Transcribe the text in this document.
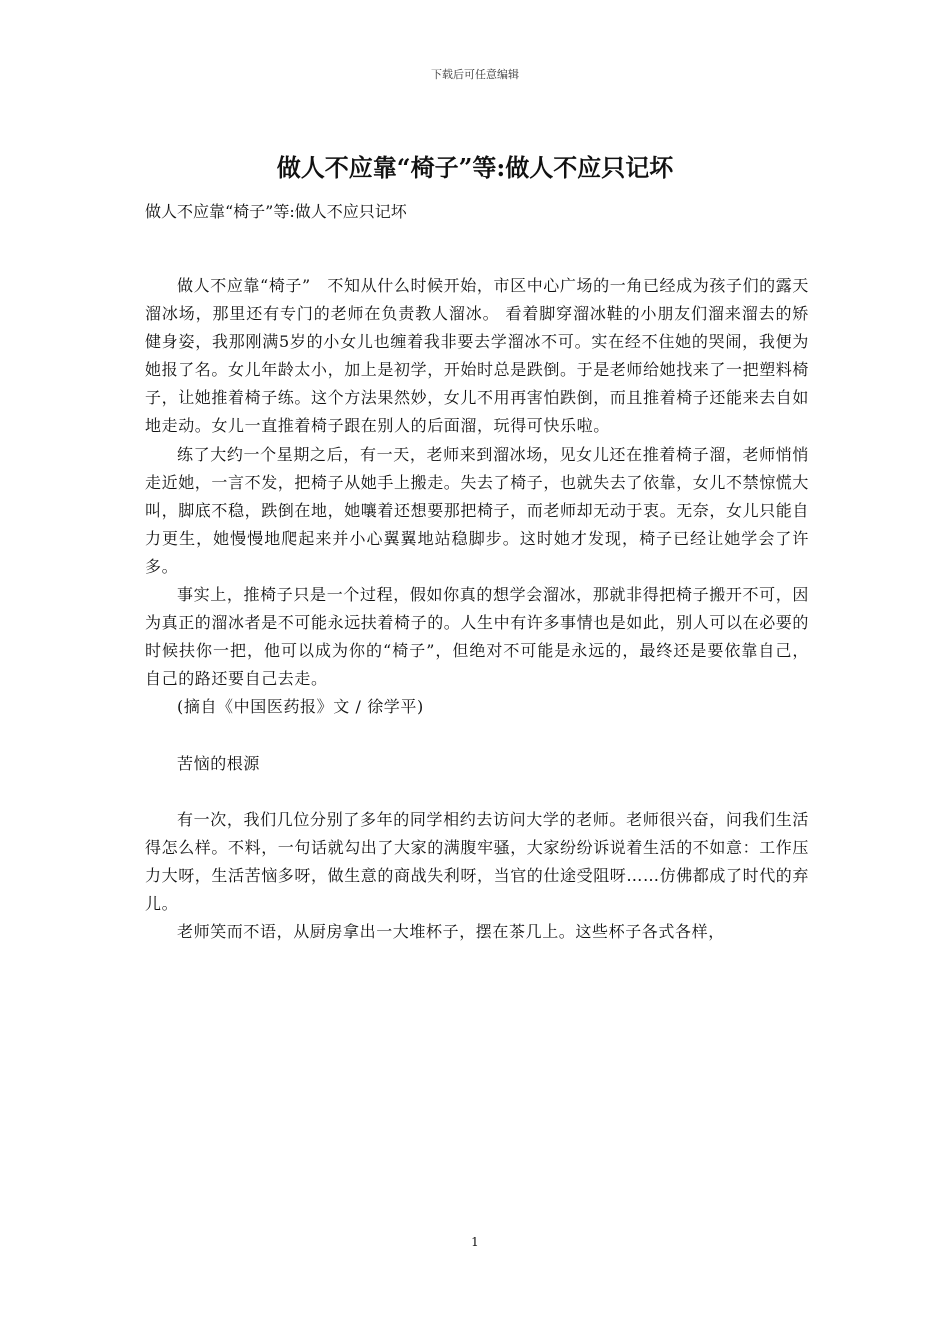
下载后可任意编辑
做人不应靠“椅子”等:做人不应只记坏
做人不应靠“椅子”等:做人不应只记坏

做人不应靠“椅子”　不知从什么时候开始，市区中心广场的一角已经成为孩子们的露天溜冰场，那里还有专门的老师在负责教人溜冰。 看着脚穿溜冰鞋的小朋友们溜来溜去的矫健身姿，我那刚满5岁的小女儿也缠着我非要去学溜冰不可。实在经不住她的哭闹，我便为她报了名。女儿年龄太小，加上是初学，开始时总是跌倒。于是老师给她找来了一把塑料椅子，让她推着椅子练。这个方法果然妙，女儿不用再害怕跌倒，而且推着椅子还能来去自如地走动。女儿一直推着椅子跟在别人的后面溜，玩得可快乐啦。

练了大约一个星期之后，有一天，老师来到溜冰场，见女儿还在推着椅子溜，老师悄悄走近她，一言不发，把椅子从她手上搬走。失去了椅子，也就失去了依靠，女儿不禁惊慌大叫，脚底不稳，跌倒在地，她嚷着还想要那把椅子，而老师却无动于衷。无奈，女儿只能自力更生，她慢慢地爬起来并小心翼翼地站稳脚步。这时她才发现，椅子已经让她学会了许多。

事实上，推椅子只是一个过程，假如你真的想学会溜冰，那就非得把椅子搬开不可，因为真正的溜冰者是不可能永远扶着椅子的。人生中有许多事情也是如此，别人可以在必要的时候扶你一把，他可以成为你的“椅子”，但绝对不可能是永远的，最终还是要依靠自己，自己的路还要自己去走。

(摘自《中国医药报》文 / 徐学平)

苦恼的根源

有一次，我们几位分别了多年的同学相约去访问大学的老师。老师很兴奋，问我们生活得怎么样。不料，一句话就勾出了大家的满腹牢骚，大家纷纷诉说着生活的不如意：工作压力大呀，生活苦恼多呀，做生意的商战失利呀，当官的仕途受阻呀……仿佛都成了时代的弃儿。

老师笑而不语，从厨房拿出一大堆杯子，摆在茶几上。这些杯子各式各样，

1
